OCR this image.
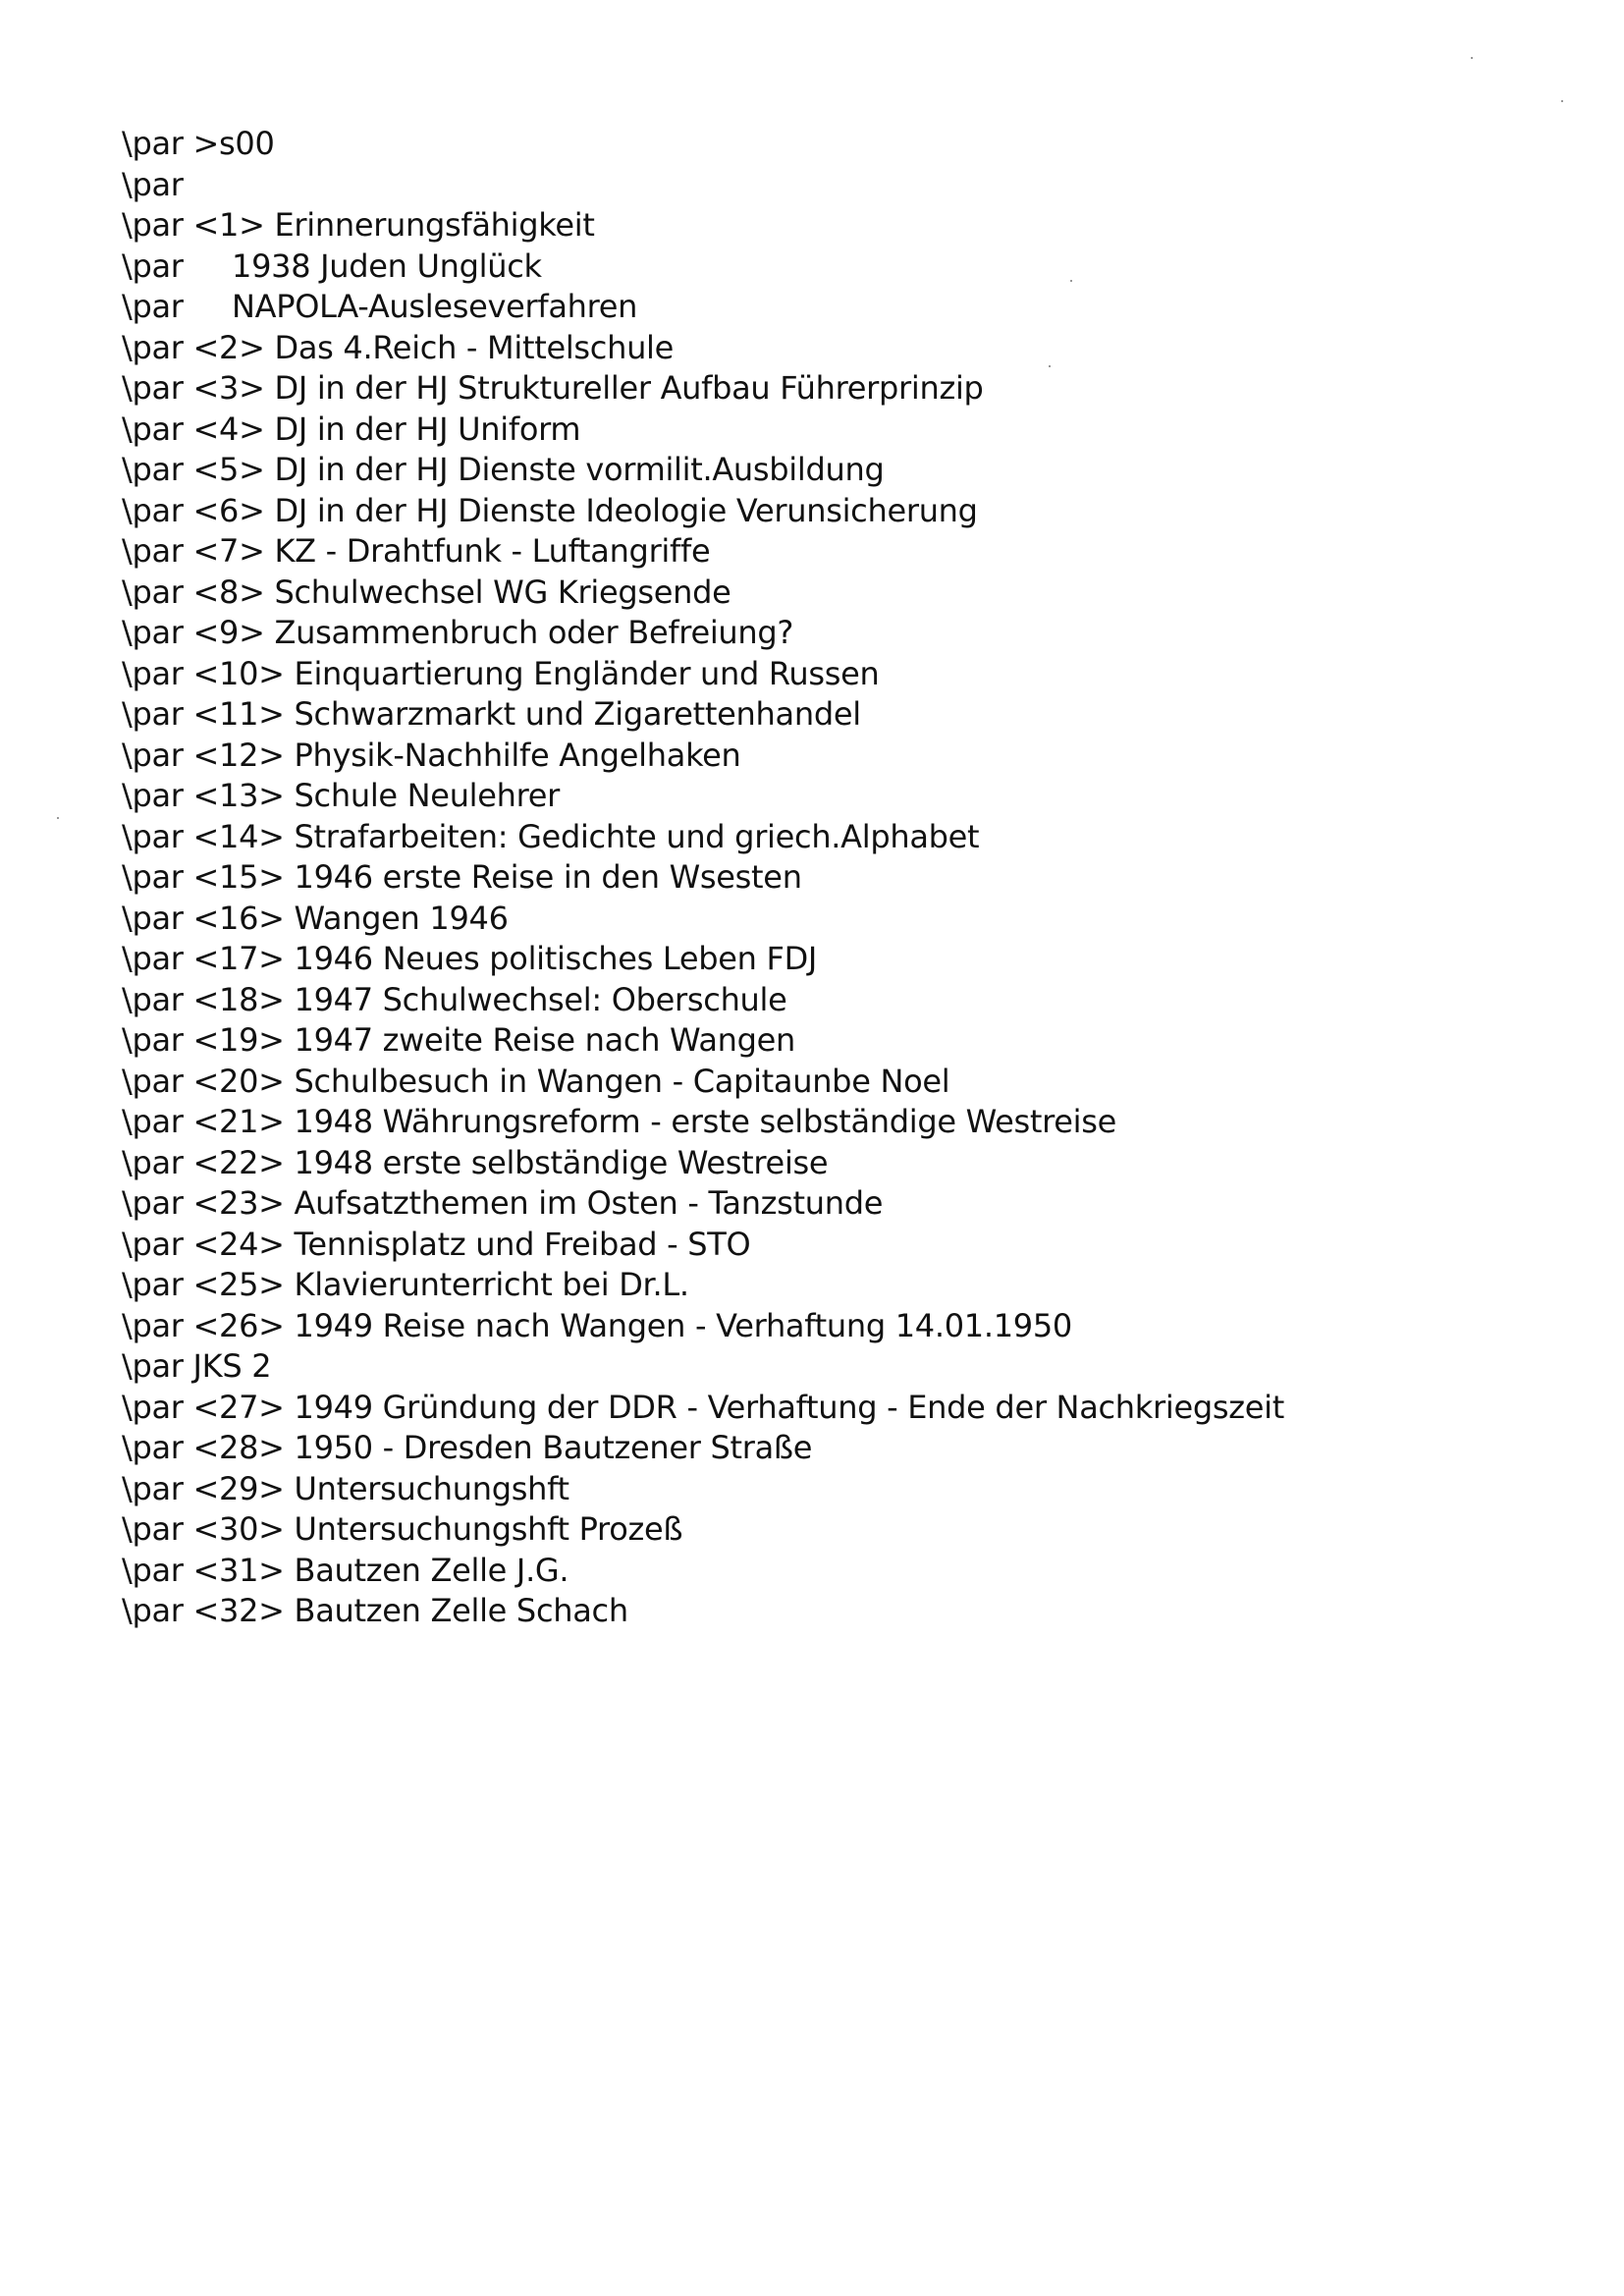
\par >s00
\par
\par <1> Erinnerungsfähigkeit
\par     1938 Juden Unglück
\par     NAPOLA-Ausleseverfahren
\par <2> Das 4.Reich - Mittelschule
\par <3> DJ in der HJ Struktureller Aufbau Führerprinzip
\par <4> DJ in der HJ Uniform
\par <5> DJ in der HJ Dienste vormilit.Ausbildung
\par <6> DJ in der HJ Dienste Ideologie Verunsicherung
\par <7> KZ - Drahtfunk - Luftangriffe
\par <8> Schulwechsel WG Kriegsende
\par <9> Zusammenbruch oder Befreiung?
\par <10> Einquartierung Engländer und Russen
\par <11> Schwarzmarkt und Zigarettenhandel
\par <12> Physik-Nachhilfe Angelhaken
\par <13> Schule Neulehrer
\par <14> Strafarbeiten: Gedichte und griech.Alphabet
\par <15> 1946 erste Reise in den Wsesten
\par <16> Wangen 1946
\par <17> 1946 Neues politisches Leben FDJ
\par <18> 1947 Schulwechsel: Oberschule
\par <19> 1947 zweite Reise nach Wangen
\par <20> Schulbesuch in Wangen - Capitaunbe Noel
\par <21> 1948 Währungsreform - erste selbständige Westreise
\par <22> 1948 erste selbständige Westreise
\par <23> Aufsatzthemen im Osten - Tanzstunde
\par <24> Tennisplatz und Freibad - STO
\par <25> Klavierunterricht bei Dr.L.
\par <26> 1949 Reise nach Wangen - Verhaftung 14.01.1950
\par JKS 2
\par <27> 1949 Gründung der DDR - Verhaftung - Ende der Nachkriegszeit
\par <28> 1950 - Dresden Bautzener Straße
\par <29> Untersuchungshft
\par <30> Untersuchungshft Prozeß
\par <31> Bautzen Zelle J.G.
\par <32> Bautzen Zelle Schach
